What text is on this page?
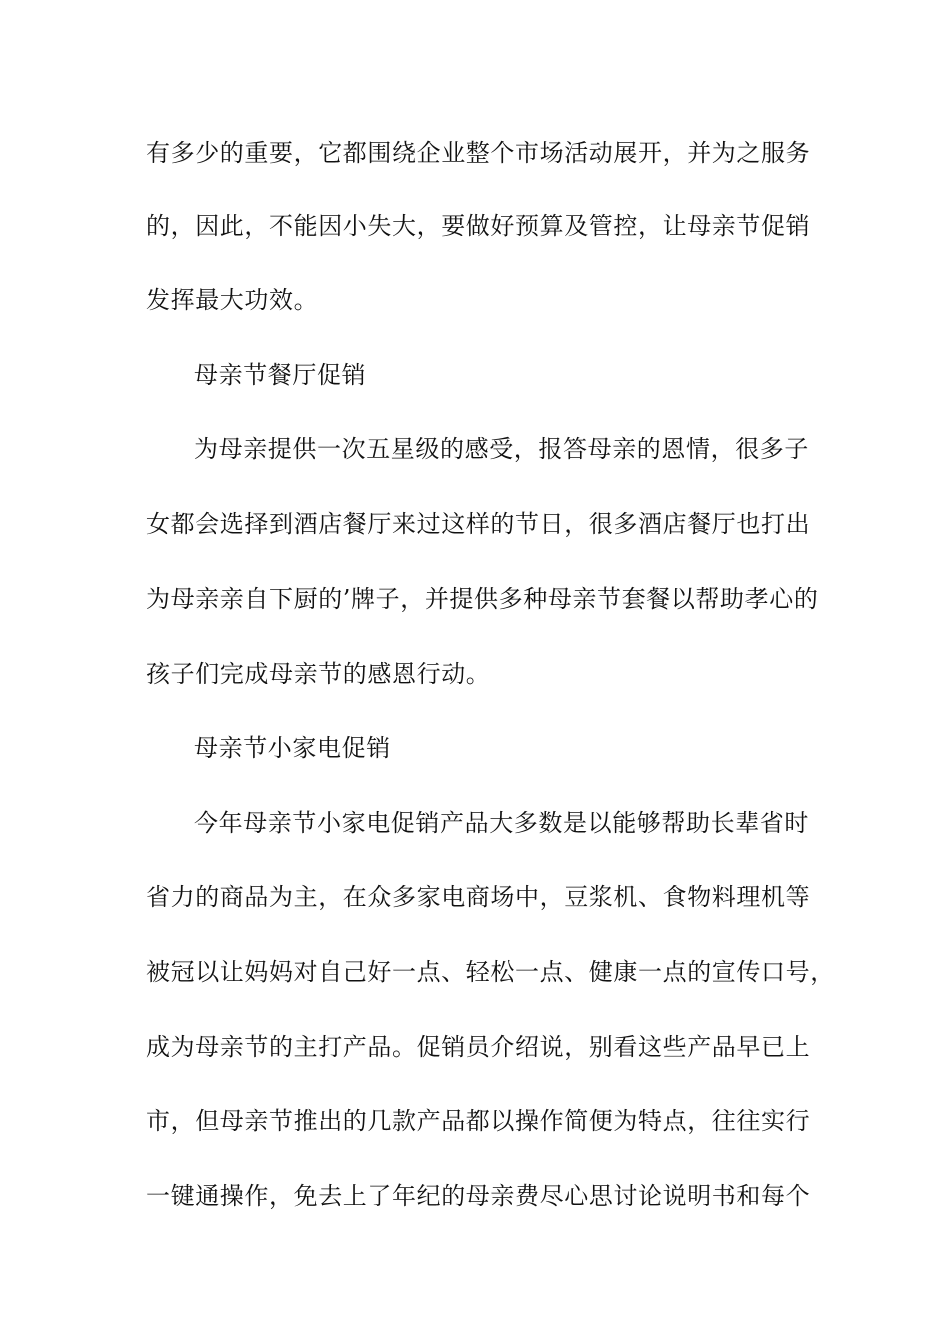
有多少的重要，它都围绕企业整个市场活动展开，并为之服务
的，因此，不能因小失大，要做好预算及管控，让母亲节促销
发挥最大功效。
母亲节餐厅促销
为母亲提供一次五星级的感受，报答母亲的恩情，很多子
女都会选择到酒店餐厅来过这样的节日，很多酒店餐厅也打出
为母亲亲自下厨的’牌子，并提供多种母亲节套餐以帮助孝心的
孩子们完成母亲节的感恩行动。
母亲节小家电促销
今年母亲节小家电促销产品大多数是以能够帮助长辈省时
省力的商品为主，在众多家电商场中，豆浆机、食物料理机等
被冠以让妈妈对自己好一点、轻松一点、健康一点的宣传口号，
成为母亲节的主打产品。促销员介绍说，别看这些产品早已上
市，但母亲节推出的几款产品都以操作简便为特点，往往实行
一键通操作，免去上了年纪的母亲费尽心思讨论说明书和每个
